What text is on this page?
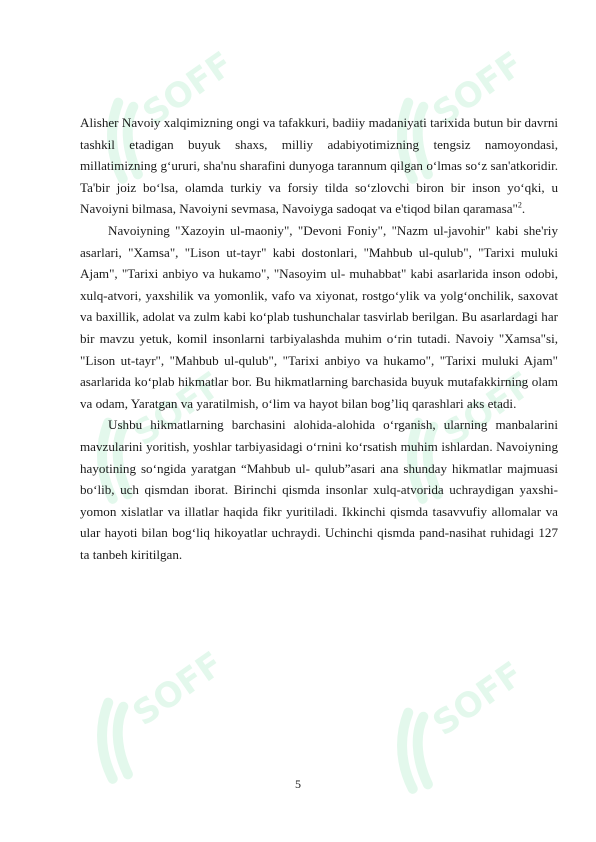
SOFF	SOFF
SOFF	SOFF
SOFF	SOFF

Alisher Navoiy xalqimizning ongi va tafakkuri, badiiy madaniyati tarixida butun bir davrni tashkil etadigan buyuk shaxs, milliy adabiyotimizning tengsiz namoyondasi, millatimizning g‘ururi, sha'nu sharafini dunyoga tarannum qilgan o‘lmas so‘z san'atkoridir. Ta'bir joiz bo‘lsa, olamda turkiy va forsiy tilda so‘zlovchi biron bir inson yo‘qki, u Navoiyni bilmasa, Navoiyni sevmasa, Navoiyga sadoqat va e'tiqod bilan qaramasa"$^2$.

Navoiyning "Xazoyin ul-maoniy", "Devoni Foniy", "Nazm ul-javohir" kabi she'riy asarlari, "Xamsa", "Lison ut-tayr" kabi dostonlari, "Mahbub ul-qulub", "Tarixi muluki Ajam", "Tarixi anbiyo va hukamo", "Nasoyim ul- muhabbat" kabi asarlarida inson odobi, xulq-atvori, yaxshilik va yomonlik, vafo va xiyonat, rostgo‘ylik va yolg‘onchilik, saxovat va baxillik, adolat va zulm kabi ko‘plab tushunchalar tasvirlab berilgan. Bu asarlardagi har bir mavzu yetuk, komil insonlarni tarbiyalashda muhim o‘rin tutadi. Navoiy "Xamsa"si, "Lison ut-tayr", "Mahbub ul-qulub", "Tarixi anbiyo va hukamo", "Tarixi muluki Ajam" asarlarida ko‘plab hikmatlar bor. Bu hikmatlarning barchasida buyuk mutafakkirning olam va odam, Yaratgan va yaratilmish, o‘lim va hayot bilan bog’liq qarashlari aks etadi.

Ushbu hikmatlarning barchasini alohida-alohida o‘rganish, ularning manbalarini mavzularini yoritish, yoshlar tarbiyasidagi o‘rnini ko‘rsatish muhim ishlardan. Navoiyning hayotining so‘ngida yaratgan “Mahbub ul- qulub”asari ana shunday hikmatlar majmuasi bo‘lib, uch qismdan iborat. Birinchi qismda insonlar xulq-atvorida uchraydigan yaxshi-yomon xislatlar va illatlar haqida fikr yuritiladi. Ikkinchi qismda tasavvufiy allomalar va ular hayoti bilan bog‘liq hikoyatlar uchraydi. Uchinchi qismda pand-nasihat ruhidagi 127 ta tanbeh kiritilgan.

5
